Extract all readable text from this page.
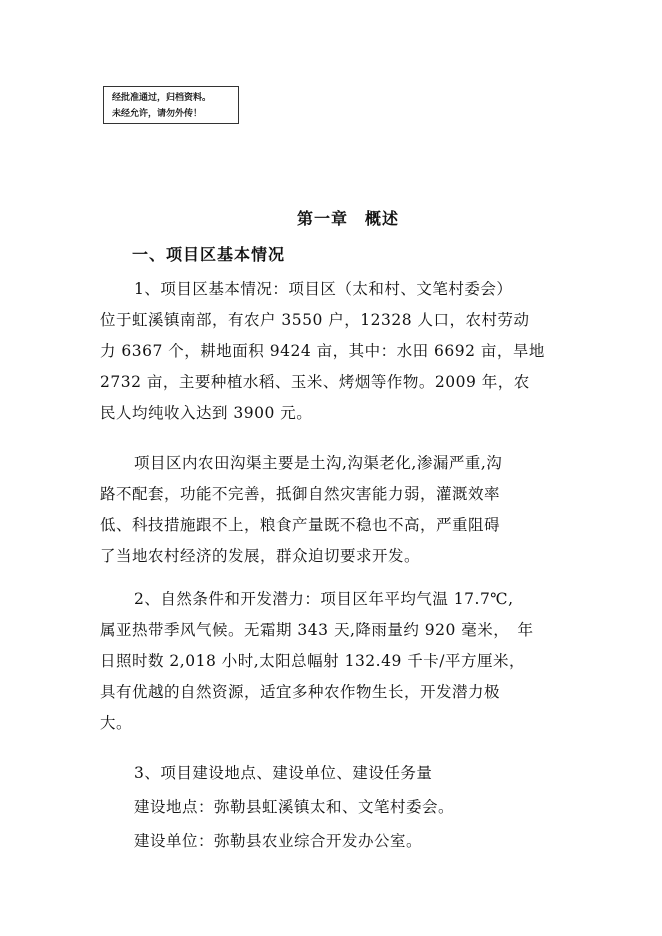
经批准通过，归档资料。
未经允许，请勿外传！
第一章　概述
一、项目区基本情况
1、项目区基本情况：项目区（太和村、文笔村委会）
位于虹溪镇南部，有农户 3550 户，12328 人口，农村劳动
力 6367 个，耕地面积 9424 亩，其中：水田 6692 亩，旱地
2732 亩，主要种植水稻、玉米、烤烟等作物。2009 年，农
民人均纯收入达到 3900 元。
项目区内农田沟渠主要是土沟,沟渠老化,渗漏严重,沟
路不配套，功能不完善，抵御自然灾害能力弱，灌溉效率
低、科技措施跟不上，粮食产量既不稳也不高，严重阻碍
了当地农村经济的发展，群众迫切要求开发。
2、自然条件和开发潜力：项目区年平均气温 17.7℃,
属亚热带季风气候。无霜期 343 天,降雨量约 920 毫米，　年
日照时数 2,018 小时,太阳总幅射 132.49 千卡/平方厘米，
具有优越的自然资源，适宜多种农作物生长，开发潜力极
大。
3、项目建设地点、建设单位、建设任务量
建设地点：弥勒县虹溪镇太和、文笔村委会。
建设单位：弥勒县农业综合开发办公室。
